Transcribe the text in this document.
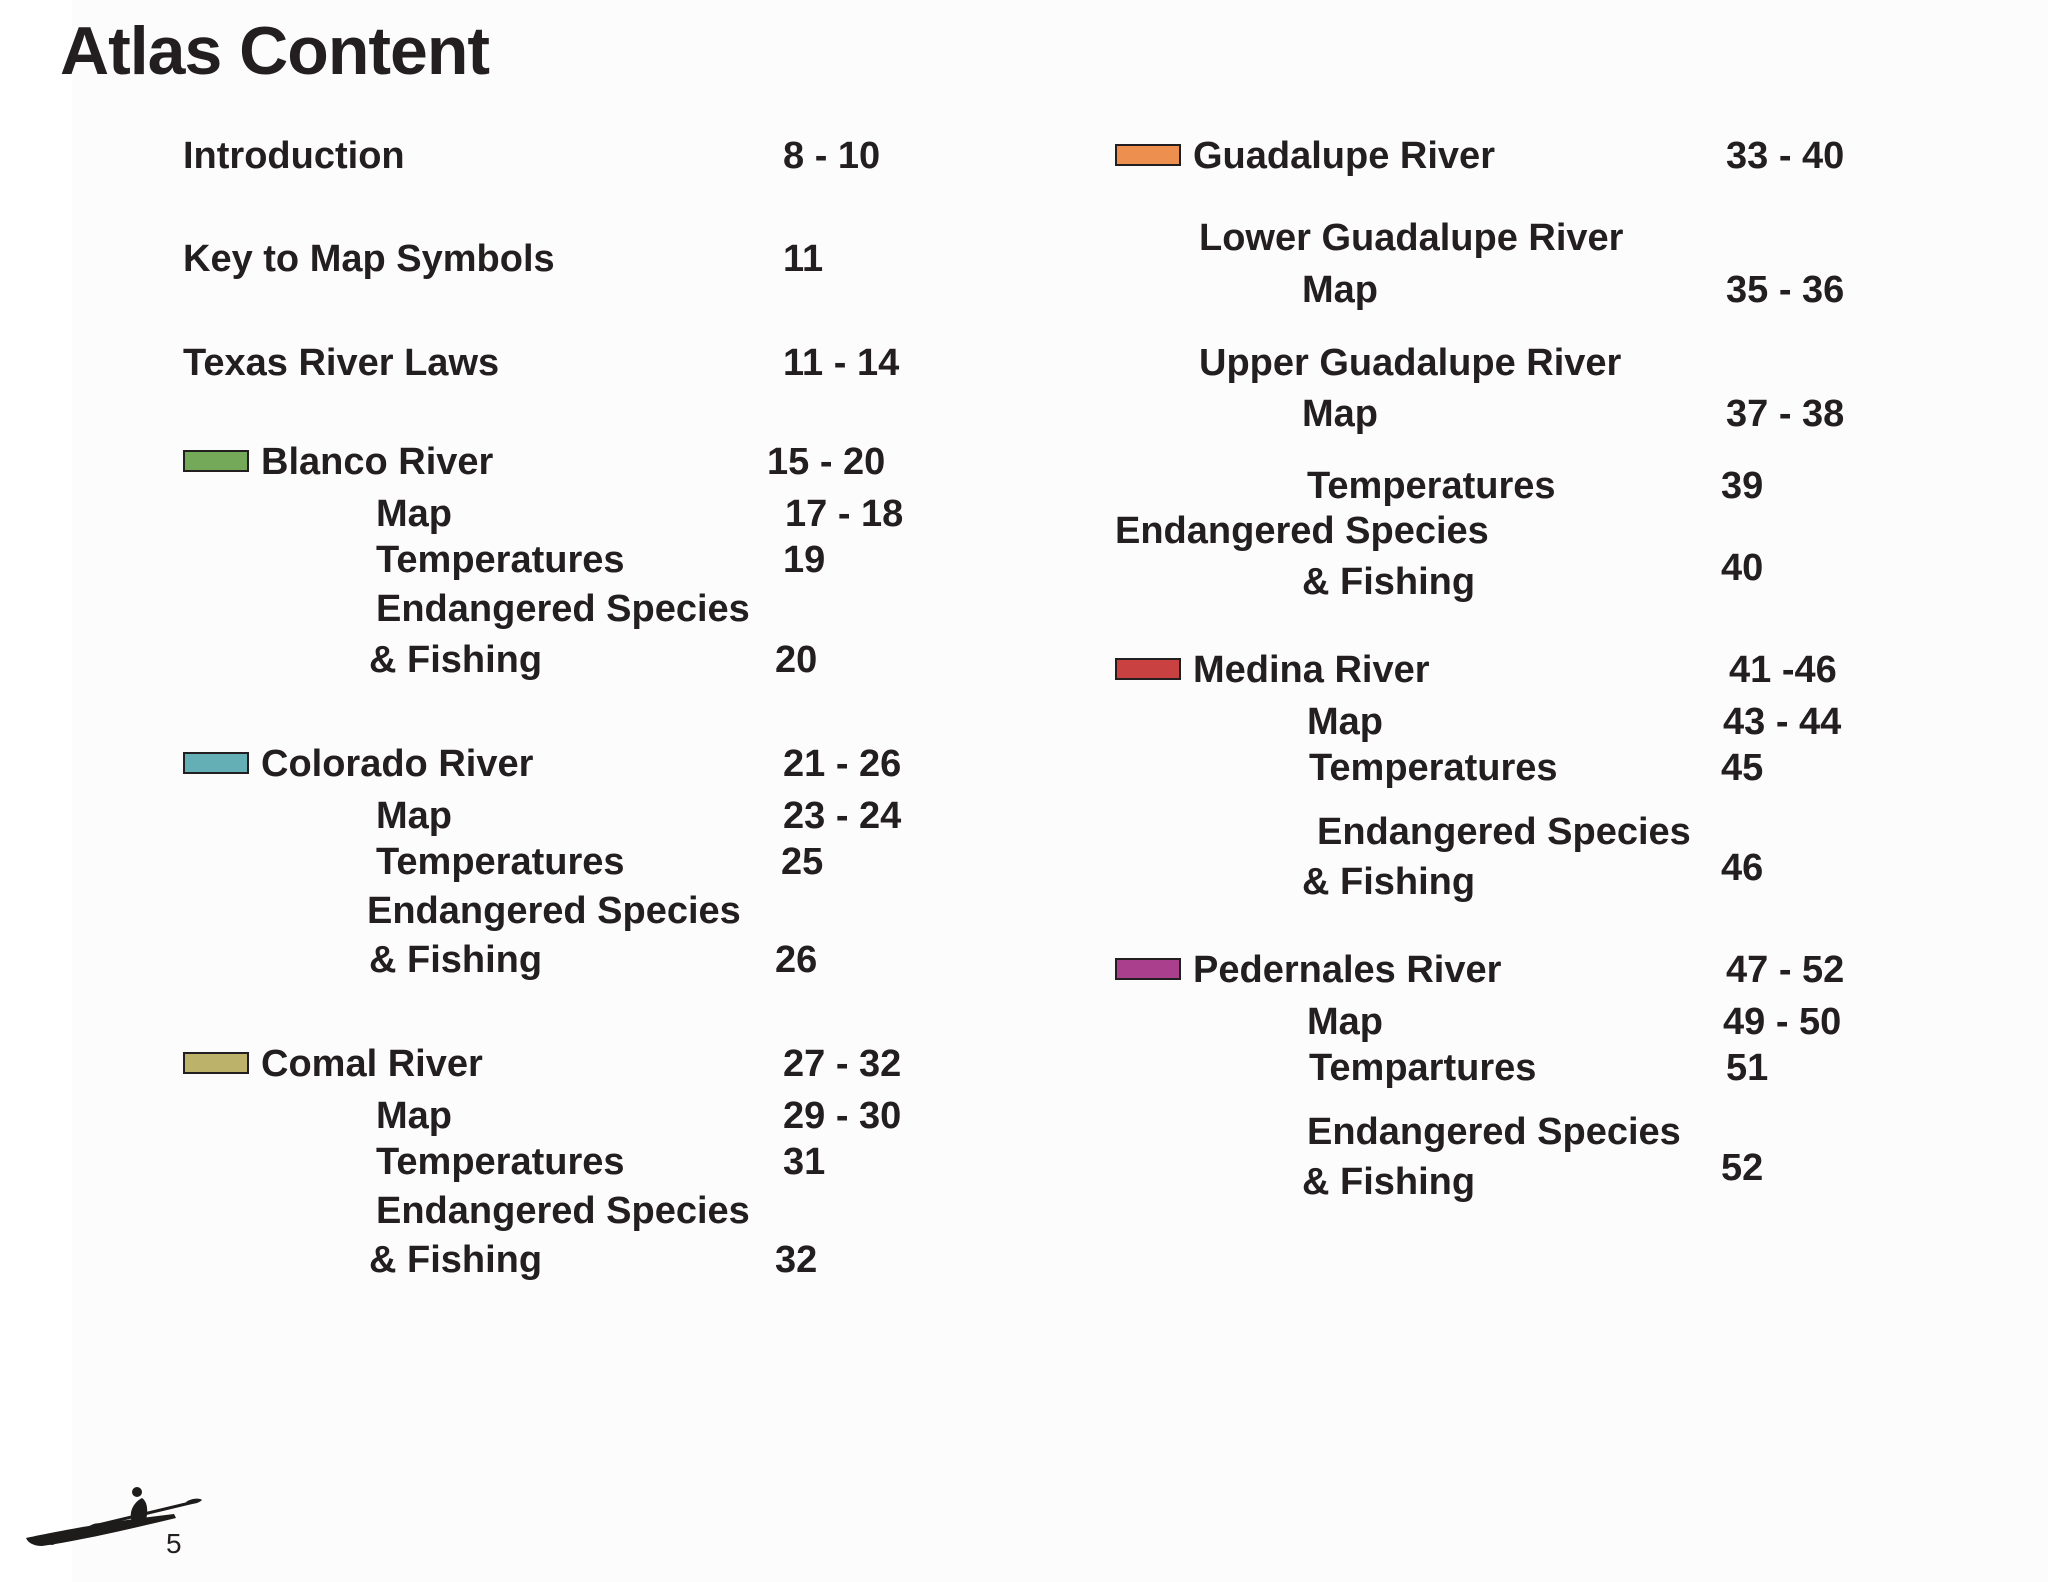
Atlas Content
Introduction	8 - 10
Key to Map Symbols	11
Texas River Laws	11 - 14
Blanco River	15 - 20
Map	17 - 18
Temperatures	19
Endangered Species
& Fishing	20
Colorado River	21 - 26
Map	23 - 24
Temperatures	25
Endangered Species
& Fishing	26
Comal River	27 - 32
Map	29 - 30
Temperatures	31
Endangered Species
& Fishing	32
Guadalupe River	33 - 40
Lower Guadalupe River
Map	35 - 36
Upper Guadalupe River
Map	37 - 38
Temperatures	39
Endangered Species
& Fishing	40
Medina River	41 -46
Map	43 - 44
Temperatures	45
Endangered Species
& Fishing	46
Pedernales River	47 - 52
Map	49 - 50
Tempartures	51
Endangered Species
& Fishing	52
5
